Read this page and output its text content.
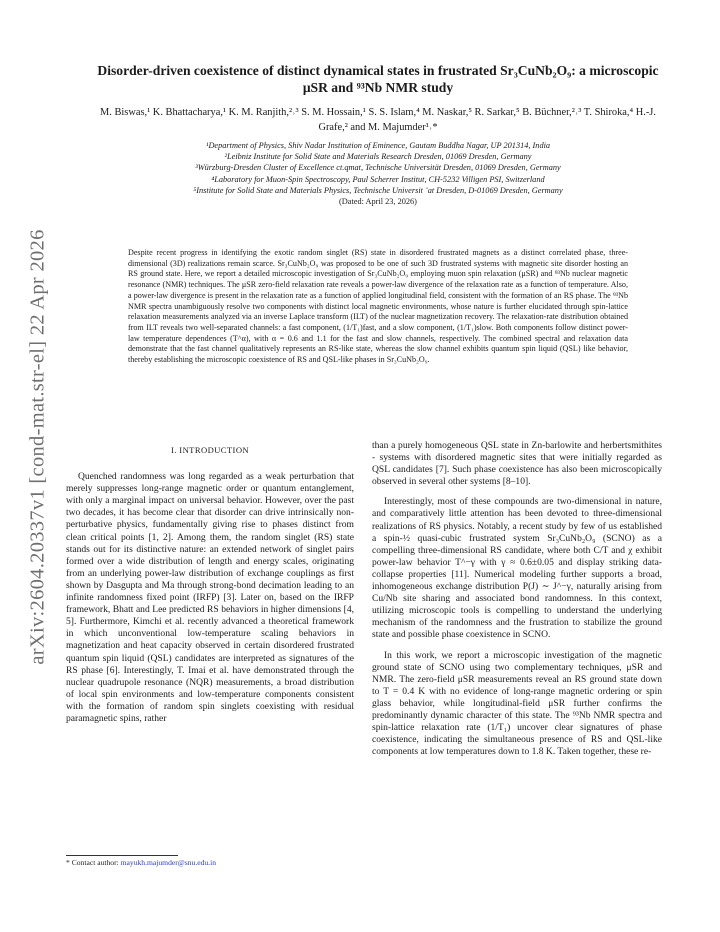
arXiv:2604.20337v1 [cond-mat.str-el] 22 Apr 2026
Disorder-driven coexistence of distinct dynamical states in frustrated Sr₃CuNb₂O₉: a microscopic μSR and ⁹³Nb NMR study

M. Biswas,¹ K. Bhattacharya,¹ K. M. Ranjith,²˒³ S. M. Hossain,¹ S. S. Islam,⁴ M. Naskar,⁵ R. Sarkar,⁵ B. Büchner,²˒³ T. Shiroka,⁴ H.-J. Grafe,² and M. Majumder¹˒*

¹Department of Physics, Shiv Nadar Institution of Eminence, Gautam Buddha Nagar, UP 201314, India
²Leibniz Institute for Solid State and Materials Research Dresden, 01069 Dresden, Germany
³Würzburg-Dresden Cluster of Excellence ct.qmat, Technische Universität Dresden, 01069 Dresden, Germany
⁴Laboratory for Muon-Spin Spectroscopy, Paul Scherrer Institut, CH-5232 Villigen PSI, Switzerland
⁵Institute for Solid State and Materials Physics, Technische Universit ¨at Dresden, D-01069 Dresden, Germany
(Dated: April 23, 2026)

Despite recent progress in identifying the exotic random singlet (RS) state in disordered frustrated magnets as a distinct correlated phase, three-dimensional (3D) realizations remain scarce. Sr₃CuNb₂O₉ was proposed to be one of such 3D frustrated systems with magnetic site disorder hosting an RS ground state. Here, we report a detailed microscopic investigation of Sr₃CuNb₂O₉ employing muon spin relaxation (μSR) and ⁹³Nb nuclear magnetic resonance (NMR) techniques. The μSR zero-field relaxation rate reveals a power-law divergence of the relaxation rate as a function of temperature. Also, a power-law divergence is present in the relaxation rate as a function of applied longitudinal field, consistent with the formation of an RS phase. The ⁹³Nb NMR spectra unambiguously resolve two components with distinct local magnetic environments, whose nature is further elucidated through spin-lattice relaxation measurements analyzed via an inverse Laplace transform (ILT) of the nuclear magnetization recovery. The relaxation-rate distribution obtained from ILT reveals two well-separated channels: a fast component, (1/T₁)fast, and a slow component, (1/T₁)slow. Both components follow distinct power-law temperature dependences (T^α), with α = 0.6 and 1.1 for the fast and slow channels, respectively. The combined spectral and relaxation data demonstrate that the fast channel qualitatively represents an RS-like state, whereas the slow channel exhibits quantum spin liquid (QSL) like behavior, thereby establishing the microscopic coexistence of RS and QSL-like phases in Sr₃CuNb₂O₉.

I. INTRODUCTION

Quenched randomness was long regarded as a weak perturbation that merely suppresses long-range magnetic order or quantum entanglement, with only a marginal impact on universal behavior. However, over the past two decades, it has become clear that disorder can drive intrinsically non-perturbative physics, fundamentally giving rise to phases distinct from clean critical points [1, 2]. Among them, the random singlet (RS) state stands out for its distinctive nature: an extended network of singlet pairs formed over a wide distribution of length and energy scales, originating from an underlying power-law distribution of exchange couplings as first shown by Dasgupta and Ma through strong-bond decimation leading to an infinite randomness fixed point (IRFP) [3]. Later on, based on the IRFP framework, Bhatt and Lee predicted RS behaviors in higher dimensions [4, 5]. Furthermore, Kimchi et al. recently advanced a theoretical framework in which unconventional low-temperature scaling behaviors in magnetization and heat capacity observed in certain disordered frustrated quantum spin liquid (QSL) candidates are interpreted as signatures of the RS phase [6]. Interestingly, T. Imai et al. have demonstrated through the nuclear quadrupole resonance (NQR) measurements, a broad distribution of local spin environments and low-temperature components consistent with the formation of random spin singlets coexisting with residual paramagnetic spins, rather

than a purely homogeneous QSL state in Zn-barlowite and herbertsmithites - systems with disordered magnetic sites that were initially regarded as QSL candidates [7]. Such phase coexistence has also been microscopically observed in several other systems [8–10].

Interestingly, most of these compounds are two-dimensional in nature, and comparatively little attention has been devoted to three-dimensional realizations of RS physics. Notably, a recent study by few of us established a spin-½ quasi-cubic frustrated system Sr₃CuNb₂O₉ (SCNO) as a compelling three-dimensional RS candidate, where both C/T and χ exhibit power-law behavior T^−γ with γ ≈ 0.6±0.05 and display striking data-collapse properties [11]. Numerical modeling further supports a broad, inhomogeneous exchange distribution P(J) ∼ J^−γ, naturally arising from Cu/Nb site sharing and associated bond randomness. In this context, utilizing microscopic tools is compelling to understand the underlying mechanism of the randomness and the frustration to stabilize the ground state and possible phase coexistence in SCNO.

In this work, we report a microscopic investigation of the magnetic ground state of SCNO using two complementary techniques, μSR and NMR. The zero-field μSR measurements reveal an RS ground state down to T = 0.4 K with no evidence of long-range magnetic ordering or spin glass behavior, while longitudinal-field μSR further confirms the predominantly dynamic character of this state. The ⁹³Nb NMR spectra and spin-lattice relaxation rate (1/T₁) uncover clear signatures of phase coexistence, indicating the simultaneous presence of RS and QSL-like components at low temperatures down to 1.8 K. Taken together, these re-

* Contact author: mayukh.majumder@snu.edu.in
